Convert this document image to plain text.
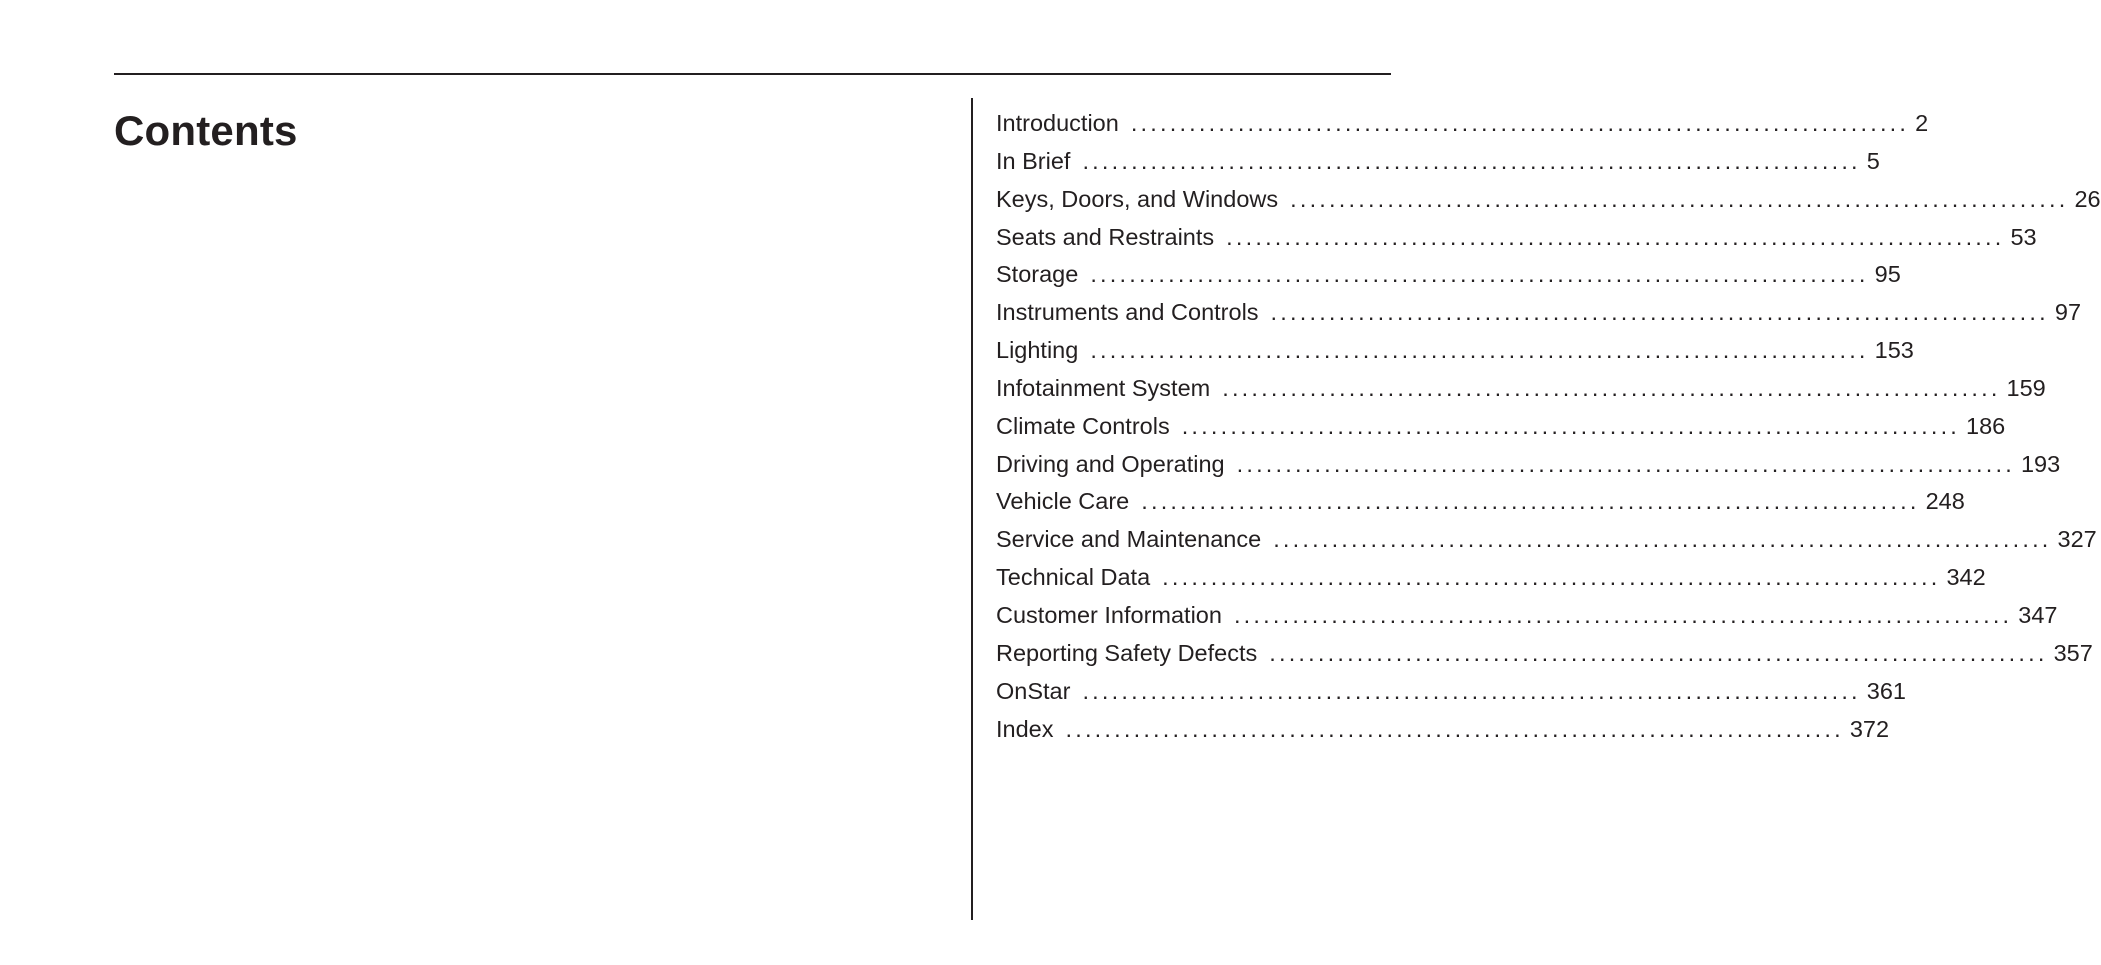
Contents	Introduction ................................................................................ 2
In Brief ................................................................................ 5
Keys, Doors, and Windows ................................................................................ 26
Seats and Restraints ................................................................................ 53
Storage ................................................................................ 95
Instruments and Controls ................................................................................ 97
Lighting ................................................................................ 153
Infotainment System ................................................................................ 159
Climate Controls ................................................................................ 186
Driving and Operating ................................................................................ 193
Vehicle Care ................................................................................ 248
Service and Maintenance ................................................................................ 327
Technical Data ................................................................................ 342
Customer Information ................................................................................ 347
Reporting Safety Defects ................................................................................ 357
OnStar ................................................................................ 361
Index ................................................................................ 372
